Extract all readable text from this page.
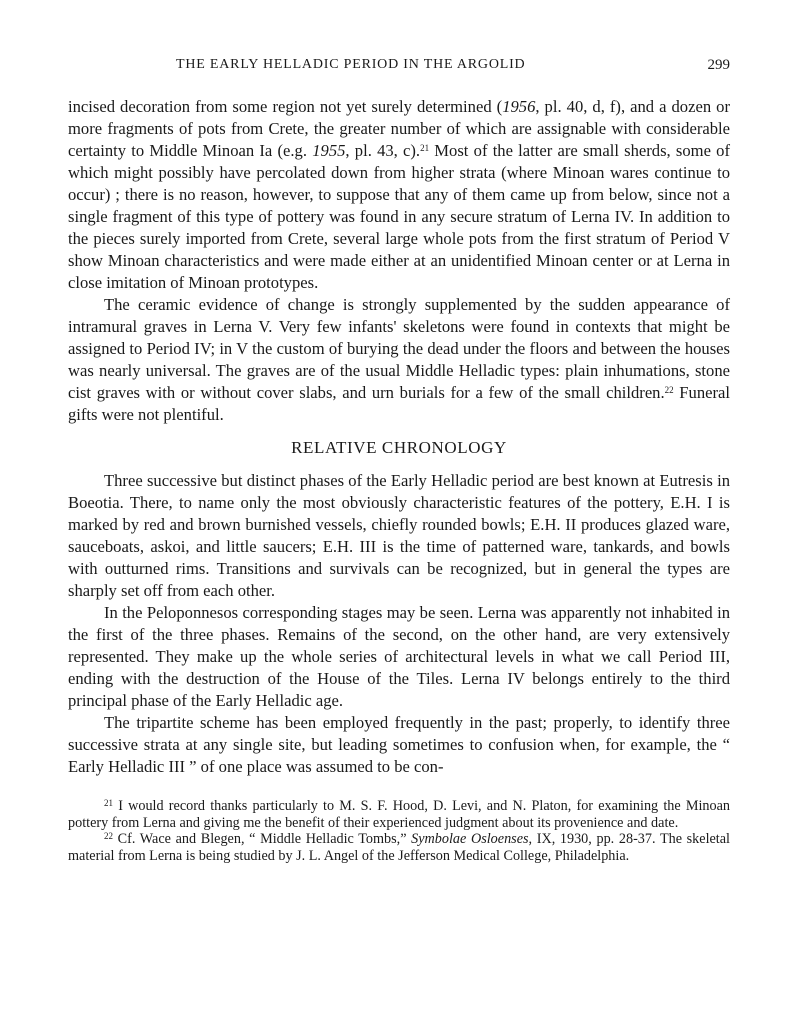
THE EARLY HELLADIC PERIOD IN THE ARGOLID	299

incised decoration from some region not yet surely determined (1956, pl. 40, d, f), and a dozen or more fragments of pots from Crete, the greater number of which are assignable with considerable certainty to Middle Minoan Ia (e.g. 1955, pl. 43, c).$^{21}$ Most of the latter are small sherds, some of which might possibly have percolated down from higher strata (where Minoan wares continue to occur) ; there is no reason, however, to suppose that any of them came up from below, since not a single fragment of this type of pottery was found in any secure stratum of Lerna IV. In addition to the pieces surely imported from Crete, several large whole pots from the first stratum of Period V show Minoan characteristics and were made either at an unidentified Minoan center or at Lerna in close imitation of Minoan prototypes.

The ceramic evidence of change is strongly supplemented by the sudden appearance of intramural graves in Lerna V. Very few infants' skeletons were found in contexts that might be assigned to Period IV; in V the custom of burying the dead under the floors and between the houses was nearly universal. The graves are of the usual Middle Helladic types: plain inhumations, stone cist graves with or without cover slabs, and urn burials for a few of the small children.$^{22}$ Funeral gifts were not plentiful.

RELATIVE CHRONOLOGY

Three successive but distinct phases of the Early Helladic period are best known at Eutresis in Boeotia. There, to name only the most obviously characteristic features of the pottery, E.H. I is marked by red and brown burnished vessels, chiefly rounded bowls; E.H. II produces glazed ware, sauceboats, askoi, and little saucers; E.H. III is the time of patterned ware, tankards, and bowls with outturned rims. Transitions and survivals can be recognized, but in general the types are sharply set off from each other.

In the Peloponnesos corresponding stages may be seen. Lerna was apparently not inhabited in the first of the three phases. Remains of the second, on the other hand, are very extensively represented. They make up the whole series of architectural levels in what we call Period III, ending with the destruction of the House of the Tiles. Lerna IV belongs entirely to the third principal phase of the Early Helladic age.

The tripartite scheme has been employed frequently in the past; properly, to identify three successive strata at any single site, but leading sometimes to confusion when, for example, the “ Early Helladic III ” of one place was assumed to be con-

$^{21}$ I would record thanks particularly to M. S. F. Hood, D. Levi, and N. Platon, for examining the Minoan pottery from Lerna and giving me the benefit of their experienced judgment about its provenience and date.

$^{22}$ Cf. Wace and Blegen, “ Middle Helladic Tombs,” Symbolae Osloenses, IX, 1930, pp. 28-37. The skeletal material from Lerna is being studied by J. L. Angel of the Jefferson Medical College, Philadelphia.
